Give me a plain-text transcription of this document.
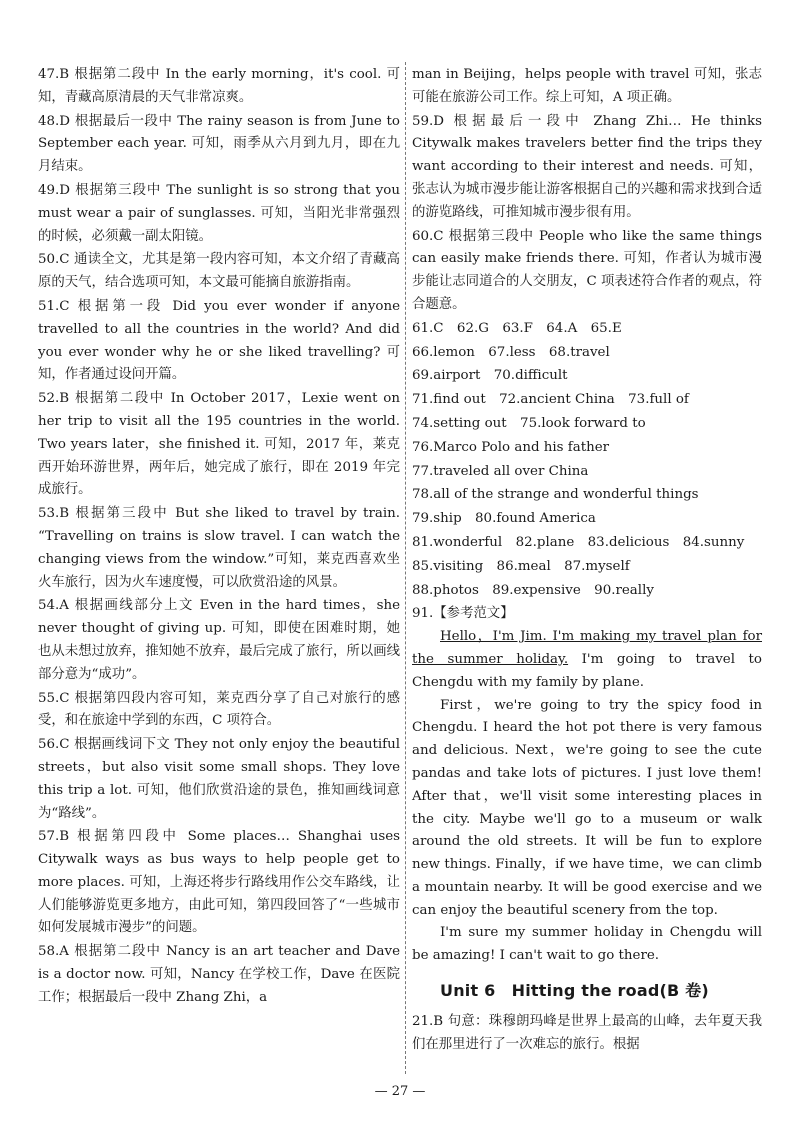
47.B 根据第二段中 In the early morning，it's cool. 可知，青藏高原清晨的天气非常凉爽。
48.D 根据最后一段中 The rainy season is from June to September each year. 可知，雨季从六月到九月，即在九月结束。
49.D 根据第三段中 The sunlight is so strong that you must wear a pair of sunglasses. 可知，当阳光非常强烈的时候，必须戴一副太阳镜。
50.C 通读全文，尤其是第一段内容可知，本文介绍了青藏高原的天气，结合选项可知，本文最可能摘自旅游指南。
51.C 根据第一段 Did you ever wonder if anyone travelled to all the countries in the world? And did you ever wonder why he or she liked travelling? 可知，作者通过设问开篇。
52.B 根据第二段中 In October 2017，Lexie went on her trip to visit all the 195 countries in the world. Two years later，she finished it. 可知，2017 年，莱克西开始环游世界，两年后，她完成了旅行，即在 2019 年完成旅行。
53.B 根据第三段中 But she liked to travel by train. “Travelling on trains is slow travel. I can watch the changing views from the window.”可知，莱克西喜欢坐火车旅行，因为火车速度慢，可以欣赏沿途的风景。
54.A 根据画线部分上文 Even in the hard times，she never thought of giving up. 可知，即使在困难时期，她也从未想过放弃，推知她不放弃，最后完成了旅行，所以画线部分意为“成功”。
55.C 根据第四段内容可知，莱克西分享了自己对旅行的感受，和在旅途中学到的东西，C 项符合。
56.C 根据画线词下文 They not only enjoy the beautiful streets，but also visit some small shops. They love this trip a lot. 可知，他们欣赏沿途的景色，推知画线词意为“路线”。
57.B 根据第四段中 Some places… Shanghai uses Citywalk ways as bus ways to help people get to more places. 可知，上海还将步行路线用作公交车路线，让人们能够游览更多地方，由此可知，第四段回答了“一些城市如何发展城市漫步”的问题。
58.A 根据第二段中 Nancy is an art teacher and Dave is a doctor now. 可知，Nancy 在学校工作，Dave 在医院工作；根据最后一段中 Zhang Zhi，a
man in Beijing，helps people with travel 可知，张志可能在旅游公司工作。综上可知，A 项正确。
59.D 根据最后一段中 Zhang Zhi… He thinks Citywalk makes travelers better find the trips they want according to their interest and needs. 可知，张志认为城市漫步能让游客根据自己的兴趣和需求找到合适的游览路线，可推知城市漫步很有用。
60.C 根据第三段中 People who like the same things can easily make friends there. 可知，作者认为城市漫步能让志同道合的人交朋友，C 项表述符合作者的观点，符合题意。
61.C　62.G　63.F　64.A　65.E
66.lemon　67.less　68.travel
69.airport　70.difficult
71.find out　72.ancient China　73.full of
74.setting out　75.look forward to
76.Marco Polo and his father
77.traveled all over China
78.all of the strange and wonderful things
79.ship　80.found America
81.wonderful　82.plane　83.delicious　84.sunny
85.visiting　86.meal　87.myself
88.photos　89.expensive　90.really
91.【参考范文】

Hello，I'm Jim. I'm making my travel plan for the summer holiday. I'm going to travel to Chengdu with my family by plane.

First，we're going to try the spicy food in Chengdu. I heard the hot pot there is very famous and delicious. Next，we're going to see the cute pandas and take lots of pictures. I just love them! After that，we'll visit some interesting places in the city. Maybe we'll go to a museum or walk around the old streets. It will be fun to explore new things. Finally，if we have time，we can climb a mountain nearby. It will be good exercise and we can enjoy the beautiful scenery from the top.

I'm sure my summer holiday in Chengdu will be amazing! I can't wait to go there.

Unit 6　Hitting the road(B 卷)
21.B 句意：珠穆朗玛峰是世界上最高的山峰，去年夏天我们在那里进行了一次难忘的旅行。根据
— 27 —
